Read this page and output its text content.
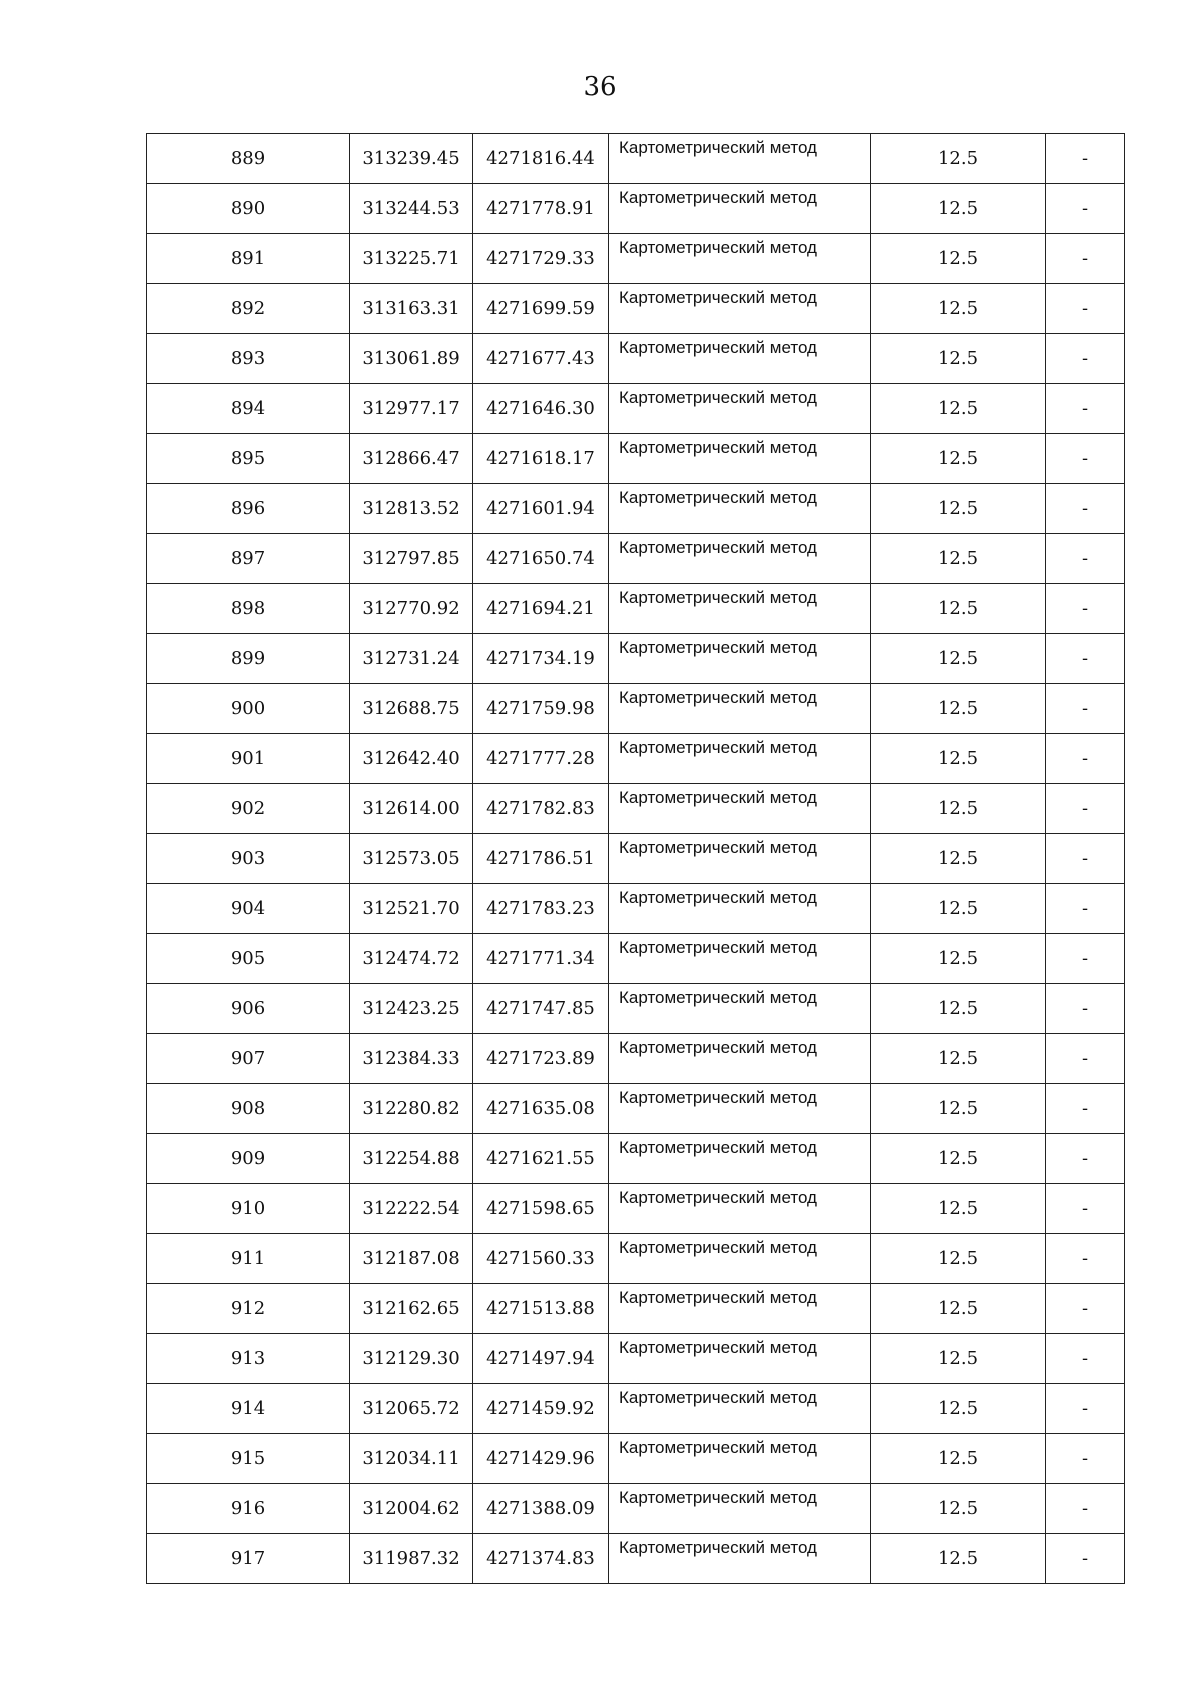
36
889	313239.45	4271816.44	Картометрический метод	12.5	-
890	313244.53	4271778.91	Картометрический метод	12.5	-
891	313225.71	4271729.33	Картометрический метод	12.5	-
892	313163.31	4271699.59	Картометрический метод	12.5	-
893	313061.89	4271677.43	Картометрический метод	12.5	-
894	312977.17	4271646.30	Картометрический метод	12.5	-
895	312866.47	4271618.17	Картометрический метод	12.5	-
896	312813.52	4271601.94	Картометрический метод	12.5	-
897	312797.85	4271650.74	Картометрический метод	12.5	-
898	312770.92	4271694.21	Картометрический метод	12.5	-
899	312731.24	4271734.19	Картометрический метод	12.5	-
900	312688.75	4271759.98	Картометрический метод	12.5	-
901	312642.40	4271777.28	Картометрический метод	12.5	-
902	312614.00	4271782.83	Картометрический метод	12.5	-
903	312573.05	4271786.51	Картометрический метод	12.5	-
904	312521.70	4271783.23	Картометрический метод	12.5	-
905	312474.72	4271771.34	Картометрический метод	12.5	-
906	312423.25	4271747.85	Картометрический метод	12.5	-
907	312384.33	4271723.89	Картометрический метод	12.5	-
908	312280.82	4271635.08	Картометрический метод	12.5	-
909	312254.88	4271621.55	Картометрический метод	12.5	-
910	312222.54	4271598.65	Картометрический метод	12.5	-
911	312187.08	4271560.33	Картометрический метод	12.5	-
912	312162.65	4271513.88	Картометрический метод	12.5	-
913	312129.30	4271497.94	Картометрический метод	12.5	-
914	312065.72	4271459.92	Картометрический метод	12.5	-
915	312034.11	4271429.96	Картометрический метод	12.5	-
916	312004.62	4271388.09	Картометрический метод	12.5	-
917	311987.32	4271374.83	Картометрический метод	12.5	-
